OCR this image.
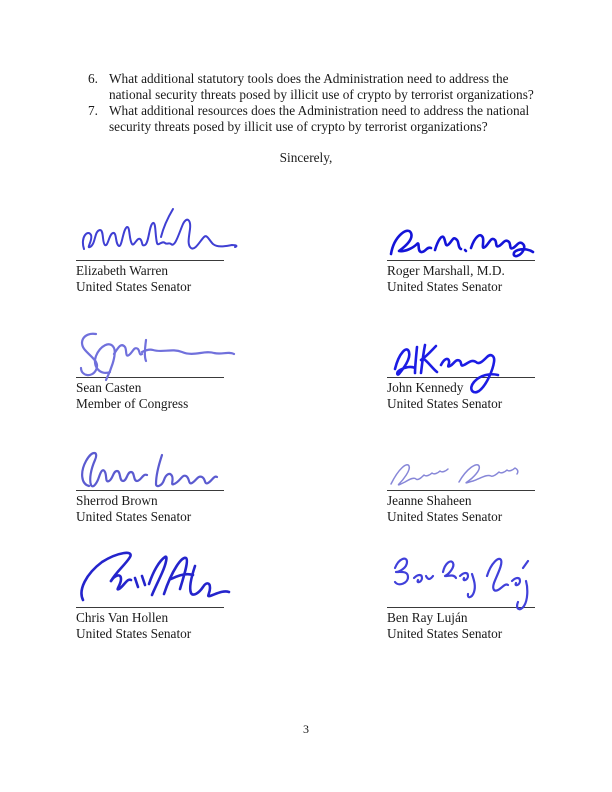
6. What additional statutory tools does the Administration need to address the national security threats posed by illicit use of crypto by terrorist organizations?
7. What additional resources does the Administration need to address the national security threats posed by illicit use of crypto by terrorist organizations?
Sincerely,
Elizabeth Warren
United States Senator
Roger Marshall, M.D.
United States Senator
Sean Casten
Member of Congress
John Kennedy
United States Senator
Sherrod Brown
United States Senator
Jeanne Shaheen
United States Senator
Chris Van Hollen
United States Senator
Ben Ray Luján
United States Senator
3
